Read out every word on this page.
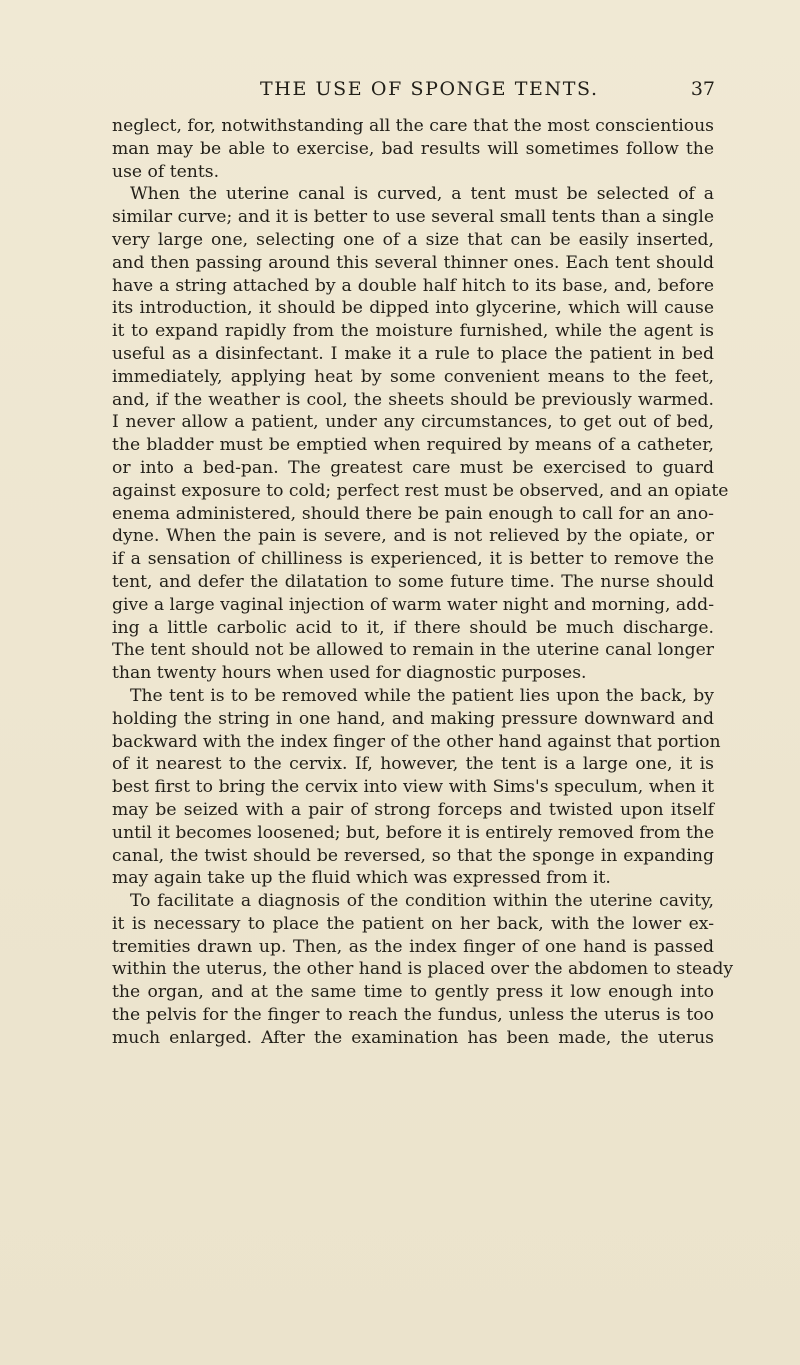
THE USE OF SPONGE TENTS.	37
neglect, for, notwithstanding all the care that the most conscientious
man may be able to exercise, bad results will sometimes follow the
use of tents.
When the uterine canal is curved, a tent must be selected of a
similar curve; and it is better to use several small tents than a single
very large one, selecting one of a size that can be easily inserted,
and then passing around this several thinner ones. Each tent should
have a string attached by a double half hitch to its base, and, before
its introduction, it should be dipped into glycerine, which will cause
it to expand rapidly from the moisture furnished, while the agent is
useful as a disinfectant. I make it a rule to place the patient in bed
immediately, applying heat by some convenient means to the feet,
and, if the weather is cool, the sheets should be previously warmed.
I never allow a patient, under any circumstances, to get out of bed,
the bladder must be emptied when required by means of a catheter,
or into a bed-pan. The greatest care must be exercised to guard
against exposure to cold; perfect rest must be observed, and an opiate
enema administered, should there be pain enough to call for an ano-
dyne. When the pain is severe, and is not relieved by the opiate, or
if a sensation of chilliness is experienced, it is better to remove the
tent, and defer the dilatation to some future time. The nurse should
give a large vaginal injection of warm water night and morning, add-
ing a little carbolic acid to it, if there should be much discharge.
The tent should not be allowed to remain in the uterine canal longer
than twenty hours when used for diagnostic purposes.
The tent is to be removed while the patient lies upon the back, by
holding the string in one hand, and making pressure downward and
backward with the index finger of the other hand against that portion
of it nearest to the cervix. If, however, the tent is a large one, it is
best first to bring the cervix into view with Sims's speculum, when it
may be seized with a pair of strong forceps and twisted upon itself
until it becomes loosened; but, before it is entirely removed from the
canal, the twist should be reversed, so that the sponge in expanding
may again take up the fluid which was expressed from it.
To facilitate a diagnosis of the condition within the uterine cavity,
it is necessary to place the patient on her back, with the lower ex-
tremities drawn up. Then, as the index finger of one hand is passed
within the uterus, the other hand is placed over the abdomen to steady
the organ, and at the same time to gently press it low enough into
the pelvis for the finger to reach the fundus, unless the uterus is too
much enlarged. After the examination has been made, the uterus
